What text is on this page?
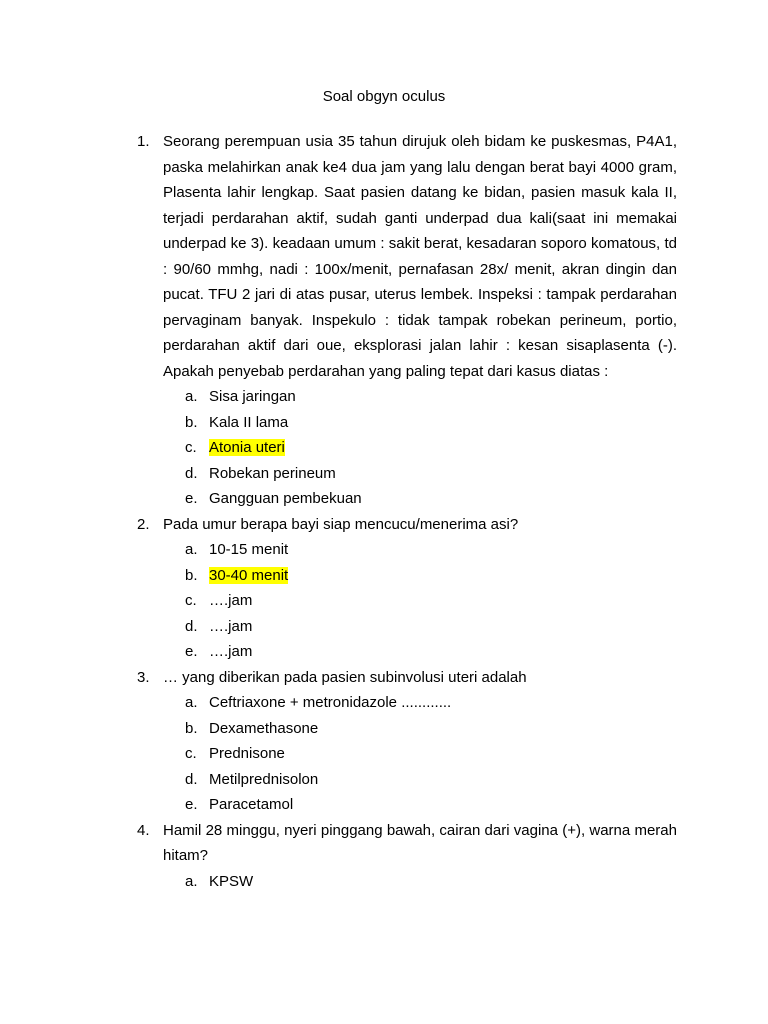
Soal obgyn oculus
1. Seorang perempuan usia 35 tahun dirujuk oleh bidam ke puskesmas, P4A1, paska melahirkan anak ke4 dua jam yang lalu dengan berat bayi 4000 gram, Plasenta lahir lengkap. Saat pasien datang ke bidan, pasien masuk kala II, terjadi perdarahan aktif, sudah ganti underpad dua kali(saat ini memakai underpad ke 3). keadaan umum : sakit berat, kesadaran soporo komatous, td : 90/60 mmhg, nadi : 100x/menit, pernafasan 28x/ menit, akran dingin dan pucat. TFU 2 jari di atas pusar, uterus lembek. Inspeksi : tampak perdarahan pervaginam banyak. Inspekulo : tidak tampak robekan perineum, portio, perdarahan aktif dari oue, eksplorasi jalan lahir : kesan sisaplasenta (-). Apakah penyebab perdarahan yang paling tepat dari kasus diatas :
a. Sisa jaringan
b. Kala II lama
c. Atonia uteri
d. Robekan perineum
e. Gangguan pembekuan
2. Pada umur berapa bayi siap mencucu/menerima asi?
a. 10-15 menit
b. 30-40 menit
c. ….jam
d. ….jam
e. ….jam
3. … yang diberikan pada pasien subinvolusi uteri adalah
a. Ceftriaxone + metronidazole ............
b. Dexamethasone
c. Prednisone
d. Metilprednisolon
e. Paracetamol
4. Hamil 28 minggu, nyeri pinggang bawah, cairan dari vagina (+), warna merah hitam?
a. KPSW
